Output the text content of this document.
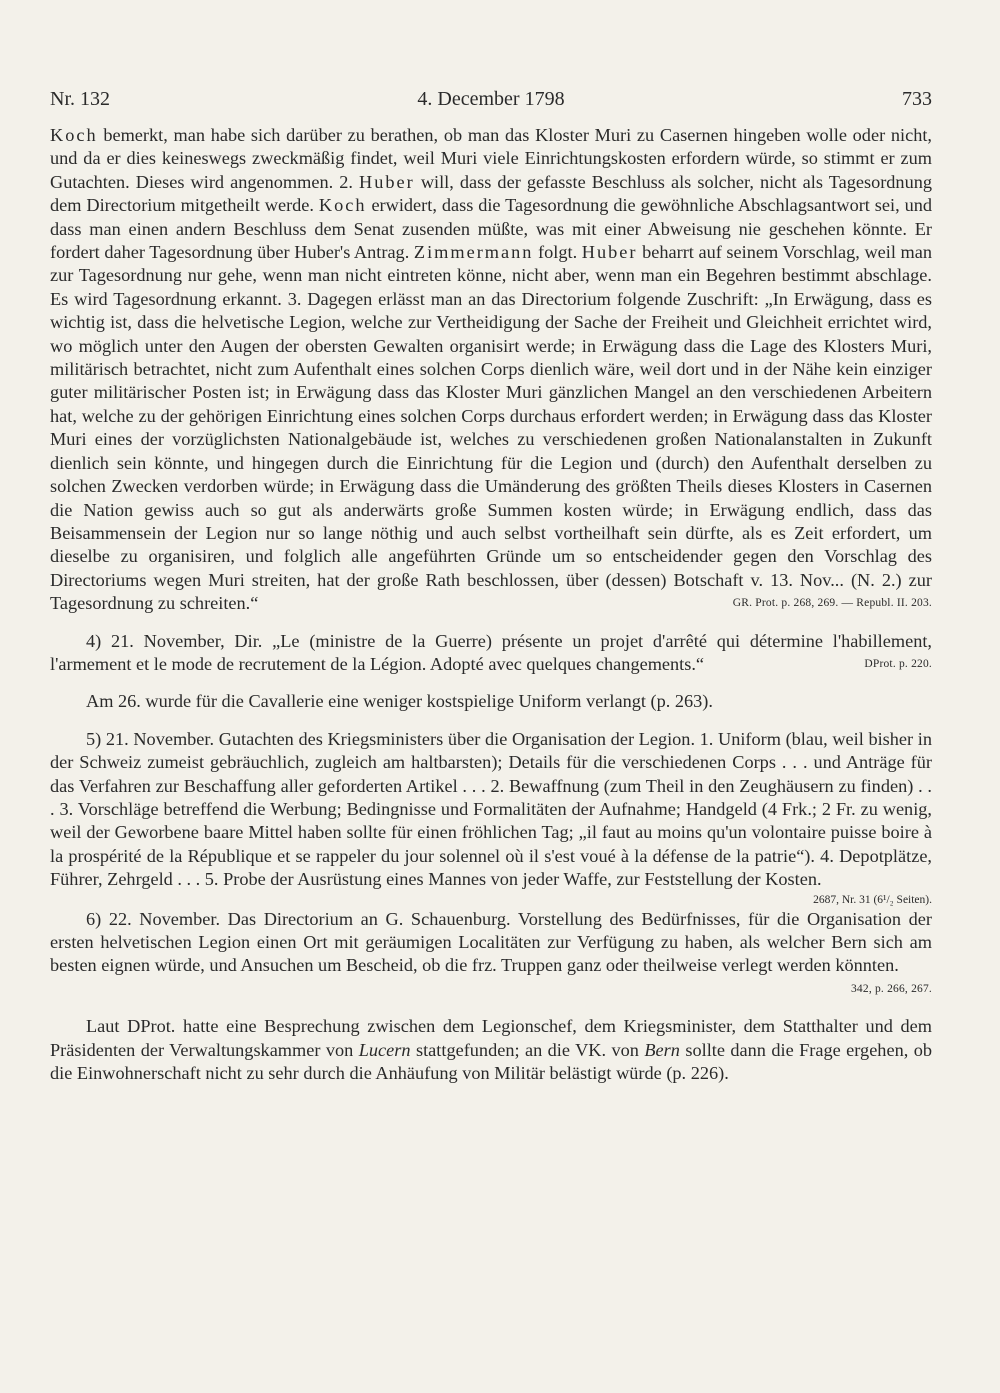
Nr. 132	4. December 1798	733

Koch bemerkt, man habe sich darüber zu berathen, ob man das Kloster Muri zu Casernen hingeben wolle oder nicht, und da er dies keineswegs zweckmäßig findet, weil Muri viele Einrichtungskosten erfordern würde, so stimmt er zum Gutachten. Dieses wird angenommen. 2. Huber will, dass der gefasste Beschluss als solcher, nicht als Tagesordnung dem Directorium mitgetheilt werde. Koch erwidert, dass die Tagesordnung die gewöhnliche Abschlagsantwort sei, und dass man einen andern Beschluss dem Senat zusenden müßte, was mit einer Abweisung nie geschehen könnte. Er fordert daher Tagesordnung über Huber's Antrag. Zimmermann folgt. Huber beharrt auf seinem Vorschlag, weil man zur Tagesordnung nur gehe, wenn man nicht eintreten könne, nicht aber, wenn man ein Begehren bestimmt abschlage. Es wird Tagesordnung erkannt. 3. Dagegen erlässt man an das Directorium folgende Zuschrift: „In Erwägung, dass es wichtig ist, dass die helvetische Legion, welche zur Vertheidigung der Sache der Freiheit und Gleichheit errichtet wird, wo möglich unter den Augen der obersten Gewalten organisirt werde; in Erwägung dass die Lage des Klosters Muri, militärisch betrachtet, nicht zum Aufenthalt eines solchen Corps dienlich wäre, weil dort und in der Nähe kein einziger guter militärischer Posten ist; in Erwägung dass das Kloster Muri gänzlichen Mangel an den verschiedenen Arbeitern hat, welche zu der gehörigen Einrichtung eines solchen Corps durchaus erfordert werden; in Erwägung dass das Kloster Muri eines der vorzüglichsten Nationalgebäude ist, welches zu verschiedenen großen Nationalanstalten in Zukunft dienlich sein könnte, und hingegen durch die Einrichtung für die Legion und (durch) den Aufenthalt derselben zu solchen Zwecken verdorben würde; in Erwägung dass die Umänderung des größten Theils dieses Klosters in Casernen die Nation gewiss auch so gut als anderwärts große Summen kosten würde; in Erwägung endlich, dass das Beisammensein der Legion nur so lange nöthig und auch selbst vortheilhaft sein dürfte, als es Zeit erfordert, um dieselbe zu organisiren, und folglich alle angeführten Gründe um so entscheidender gegen den Vorschlag des Directoriums wegen Muri streiten, hat der große Rath beschlossen, über (dessen) Botschaft v. 13. Nov... (N. 2.) zur Tagesordnung zu schreiten.“	GR. Prot. p. 268, 269. — Republ. II. 203.

4) 21. November, Dir. „Le (ministre de la Guerre) présente un projet d'arrêté qui détermine l'habillement, l'armement et le mode de recrutement de la Légion. Adopté avec quelques changements.“	DProt. p. 220.

Am 26. wurde für die Cavallerie eine weniger kostspielige Uniform verlangt (p. 263).

5) 21. November. Gutachten des Kriegsministers über die Organisation der Legion. 1. Uniform (blau, weil bisher in der Schweiz zumeist gebräuchlich, zugleich am haltbarsten); Details für die verschiedenen Corps . . . und Anträge für das Verfahren zur Beschaffung aller geforderten Artikel . . . 2. Bewaffnung (zum Theil in den Zeughäusern zu finden) . . . 3. Vorschläge betreffend die Werbung; Bedingnisse und Formalitäten der Aufnahme; Handgeld (4 Frk.; 2 Fr. zu wenig, weil der Geworbene baare Mittel haben sollte für einen fröhlichen Tag; „il faut au moins qu'un volontaire puisse boire à la prospérité de la République et se rappeler du jour solennel où il s'est voué à la défense de la patrie“). 4. Depotplätze, Führer, Zehrgeld . . . 5. Probe der Ausrüstung eines Mannes von jeder Waffe, zur Feststellung der Kosten.

2687, Nr. 31 (6¹/₂ Seiten).

6) 22. November. Das Directorium an G. Schauenburg. Vorstellung des Bedürfnisses, für die Organisation der ersten helvetischen Legion einen Ort mit geräumigen Localitäten zur Verfügung zu haben, als welcher Bern sich am besten eignen würde, und Ansuchen um Bescheid, ob die frz. Truppen ganz oder theilweise verlegt werden könnten.
342, p. 266, 267.

Laut DProt. hatte eine Besprechung zwischen dem Legionschef, dem Kriegsminister, dem Statthalter und dem Präsidenten der Verwaltungskammer von Lucern stattgefunden; an die VK. von Bern sollte dann die Frage ergehen, ob die Einwohnerschaft nicht zu sehr durch die Anhäufung von Militär belästigt würde (p. 226).
